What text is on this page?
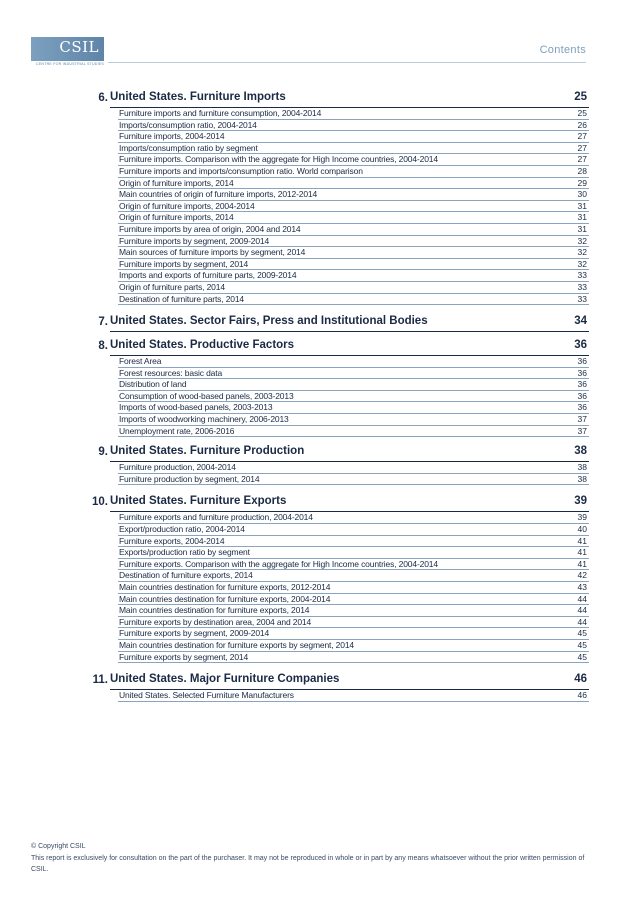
CSIL
CENTRE FOR INDUSTRIAL STUDIES
Contents
6. United States. Furniture Imports	25
Furniture imports and furniture consumption, 2004-2014	25
Imports/consumption ratio, 2004-2014	26
Furniture imports, 2004-2014	27
Imports/consumption ratio by segment	27
Furniture imports. Comparison with the aggregate for High Income countries, 2004-2014	27
Furniture imports and imports/consumption ratio. World comparison	28
Origin of furniture imports, 2014	29
Main countries of origin of furniture imports, 2012-2014	30
Origin of furniture imports, 2004-2014	31
Origin of furniture imports, 2014	31
Furniture imports by area of origin, 2004 and 2014	31
Furniture imports by segment, 2009-2014	32
Main sources of furniture imports by segment, 2014	32
Furniture imports by segment, 2014	32
Imports and exports of furniture parts, 2009-2014	33
Origin of furniture parts, 2014	33
Destination of furniture parts, 2014	33
7. United States. Sector Fairs, Press and Institutional Bodies	34
8. United States. Productive Factors	36
Forest Area	36
Forest resources: basic data	36
Distribution of land	36
Consumption of wood-based panels, 2003-2013	36
Imports of wood-based panels, 2003-2013	36
Imports of woodworking machinery, 2006-2013	37
Unemployment rate, 2006-2016	37
9. United States. Furniture Production	38
Furniture production, 2004-2014	38
Furniture production by segment, 2014	38
10. United States. Furniture Exports	39
Furniture exports and furniture production, 2004-2014	39
Export/production ratio, 2004-2014	40
Furniture exports, 2004-2014	41
Exports/production ratio by segment	41
Furniture exports. Comparison with the aggregate for High Income countries, 2004-2014	41
Destination of furniture exports, 2014	42
Main countries destination for furniture exports, 2012-2014	43
Main countries destination for furniture exports, 2004-2014	44
Main countries destination for furniture exports, 2014	44
Furniture exports by destination area, 2004 and 2014	44
Furniture exports by segment, 2009-2014	45
Main countries destination for furniture exports by segment, 2014	45
Furniture exports by segment, 2014	45
11. United States. Major Furniture Companies	46
United States. Selected Furniture Manufacturers	46
© Copyright CSIL
This report is exclusively for consultation on the part of the purchaser. It may not be reproduced in whole or in part by any means whatsoever without the prior written permission of CSIL.
